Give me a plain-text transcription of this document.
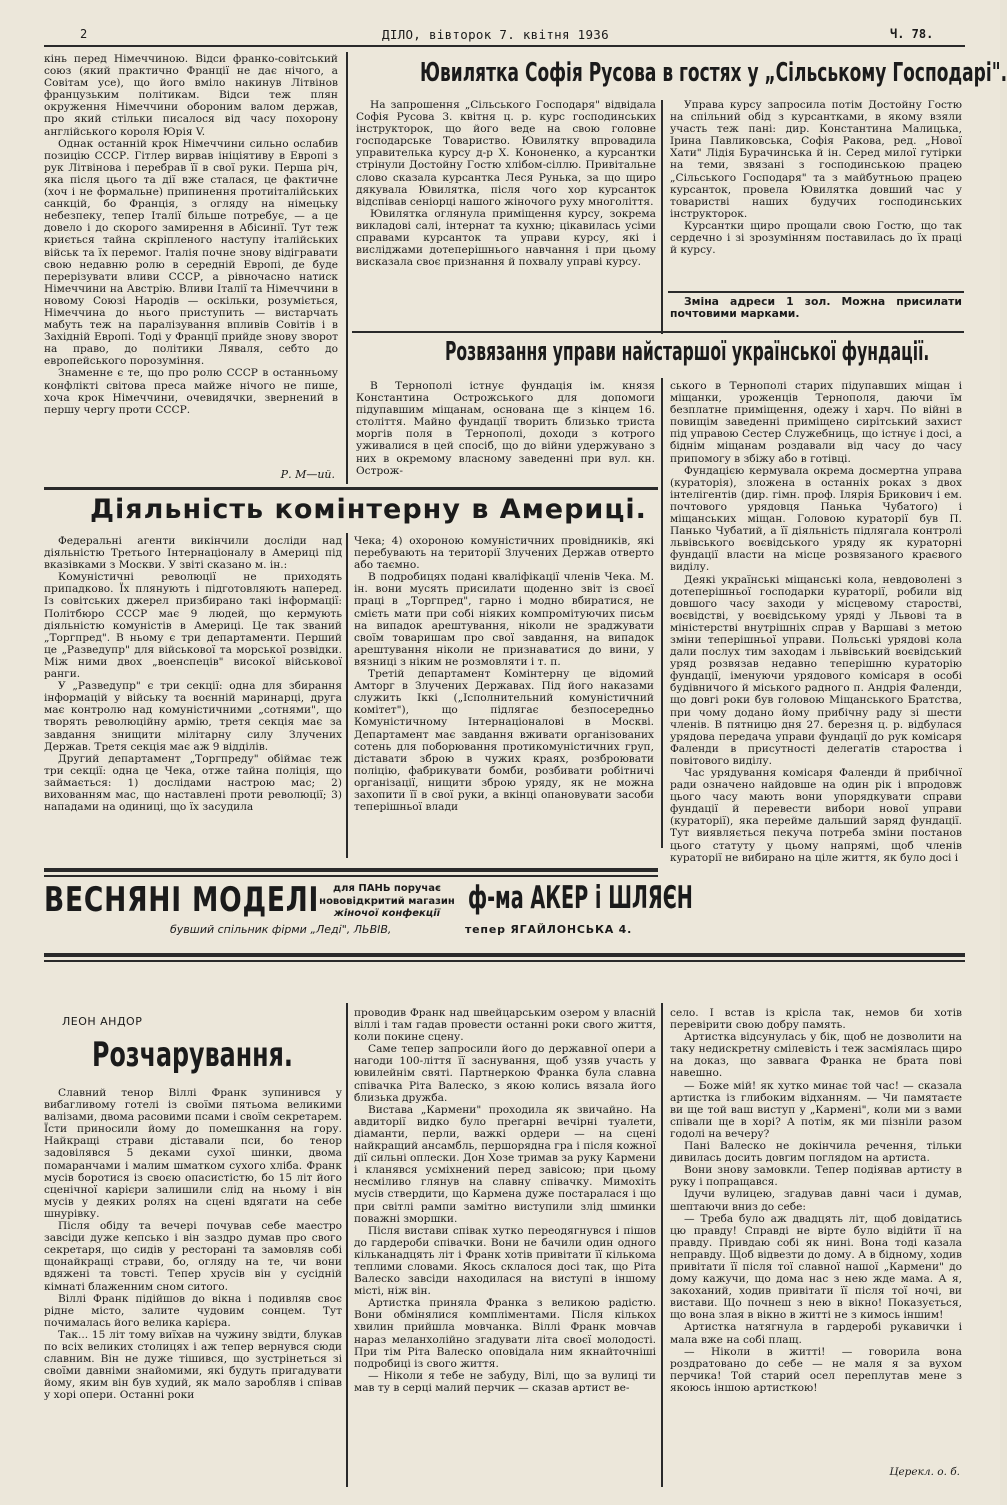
2	ДІЛО, вівторок 7. квітня 1936	Ч. 78.

кінь перед Німеччиною. Відси франко-совітський союз (який практично Франції не дає нічого, а Совітам усе), що його вміло накинув Літвінов французьким політикам. Відси теж плян окруження Німеччини обороним валом держав, про який стільки писалося від часу похорону англійського короля Юрія V.

Однак останній крок Німеччини сильно ослабив позицію СССР. Гітлер вирвав ініціятиву в Европі з рук Літвінова і перебрав її в свої руки. Перша річ, яка після цього та дії вже сталася, це фактичне (хоч і не формальне) припинення протиіталійських санкцій, бо Франція, з огляду на німецьку небезпеку, тепер Італії більше потребує, — а це довело і до скорого замирення в Абісинії. Тут теж криється тайна скріпленого наступу італійських військ та їх перемог. Італія почне знову відігравати свою недавню ролю в середній Европі, де буде перерізувати вливи СССР, а рівночасно натиск Німеччини на Австрію. Вливи Італії та Німеччини в новому Союзі Народів — оскільки, розуміється, Німеччина до нього приступить — вистарчать мабуть теж на паралізування впливів Совітів і в Західній Европі. Тоді у Франції прийде знову зворот на право, до політики Ляваля, себто до европейського порозуміння.

Знаменне є те, що про ролю СССР в останньому конфлікті світова преса майже нічого не пише, хоча крок Німеччини, очевидячки, звернений в першу чергу проти СССР.

Р. М—ий.
Ювилятка Софія Русова в гостях у „Сільському Господарі".

На запрошення „Сільського Господаря" відвідала Софія Русова 3. квітня ц. р. курс господинських інструкторок, що його веде на свою головне господарське Товариство. Ювилятку впровадила управителька курсу д-р Х. Кононенко, а курсантки стрінули Достойну Гостю хлібом-сіллю. Привітальне слово сказала курсантка Леся Рунька, за що щиро дякувала Ювилятка, після чого хор курсанток відспівав сеніорці нашого жіночого руху многоліття.

Ювилятка оглянула приміщення курсу, зокрема викладові салі, інтернат та кухню; цікавилась усіми справами курсанток та управи курсу, які і висліджами дотеперішнього навчання і при цьому висказала своє признання й похвалу управі курсу.

Управа курсу запросила потім Достойну Гостю на спільний обід з курсантками, в якому взяли участь теж пані: дир. Константина Малицька, Ірина Павликовська, Софія Ракова, ред. „Нової Хати" Лідія Бурачинська й ін. Серед милої гутірки на теми, звязані з господинською працею „Сільського Господаря" та з майбутньою працею курсанток, провела Ювилятка довший час у товаристві наших будучих господинських інструкторок.

Курсантки щиро прощали свою Гостю, що так сердечно і зі зрозумінням поставилась до їх праці й курсу.

Зміна адреси 1 зол. Можна присилати почтовими марками.

Розвязання управи найстаршої української фундації.

В Тернополі істнує фундація ім. князя Константина Острожського для допомоги підупавшим міщанам, основана ще з кінцем 16. століття. Майно фундації творить близько триста моргів поля в Тернополі, доходи з котрого уживалися в цей спосіб, що до війни удержувано з них в окремому власному заведенні при вул. кн. Острож-

ського в Тернополі старих підупавших міщан і міщанки, уроженців Тернополя, даючи їм безплатне приміщення, одежу і харч. По війні в повищім заведенні приміщено сирітський захист під управою Сестер Служебниць, що істнує і досі, а біднім міщанам роздавали від часу до часу припомогу в збіжу або в готівці.

Фундацією кермувала окрема досмертна управа (кураторія), зложена в останніх роках з двох інтелігентів (дир. гімн. проф. Ілярія Брикович і ем. почтового урядовця Панька Чубатого) і міщанських міщан. Головою кураторії був П. Панько Чубатий, а її діяльність підлягала контролі львівського воєвідського уряду як кураторні фундації власти на місце розвязаного краєвого виділу.

Деякі українські міщанські кола, невдоволені з дотеперішньої господарки кураторії, робили від довшого часу заходи у місцевому старостві, воєвідстві, у воєвідському уряді у Львові та в міністерстві внутрішніх справ у Варшаві з метою зміни теперішньої управи. Польські урядові кола дали послух тим заходам і львівський воєвідський уряд розвязав недавно теперішню кураторію фундації, іменуючи урядового комісаря в особі будівничого й міського радного п. Андрія Фаленди, що довгі роки був головою Міщанського Братства, при чому додано йому прибічну раду зі шести членів. В пятницю дня 27. березня ц. р. відбулася урядова передача управи фундації до рук комісаря Фаленди в присутності делегатів староства і повітового виділу.

Час урядування комісаря Фаленди й прибічної ради означено найдовше на один рік і впродовж цього часу мають вони упорядкувати справи фундації й перевести вибори нової управи (кураторії), яка перейме дальший заряд фундації. Тут виявляється пекуча потреба зміни постанов цього статуту у цьому напрямі, щоб членів кураторії не вибирано на ціле життя, як було досі і

Діяльність комінтерну в Америці.

Федеральні агенти викінчили досліди над діяльністю Третього Інтернаціоналу в Америці під вказівками з Москви. У звіті сказано м. ін.:

Комуністичні революції не приходять припадково. Їх плянують і підготовляють наперед. Із совітських джерел призбирано такі інформації: Політбюро СССР має 9 людей, що кермують діяльністю комуністів в Америці. Це так званий „Торгпред". В ньому є три департаменти. Перший це „Разведупр" для військової та морської розвідки. Між ними двох „военспеців" високої військової ранги.

У „Разведупр" є три секції: одна для збирання інформацій у війську та воєнній маринарці, друга має контролю над комуністичними „сотнями", що творять революційну армію, третя секція має за завдання знищити мілітарну силу Злучених Держав. Третя секція має аж 9 відділів.

Другий департамент „Торгпреду" обіймає теж три секції: одна це Чека, отже тайна поліція, що займається: 1) дослідами настрою мас; 2) вихованням мас, що наставлені проти революції; 3) нападами на одиниці, що їх засудила

Чека; 4) охороною комуністичних провідників, які перебувають на території Злучених Держав отверто або таємно.

В подробицях подані кваліфікації членів Чека. М. ін. вони мусять присилати щоденно звіт із своєї праці в „Торгпред", гарно і модно вбиратися, не смієть мати при собі ніяких компромітуючих письм на випадок арештування, ніколи не зраджувати своїм товаришам про свої завдання, на випадок арештування ніколи не признаватися до вини, у вязниці з ніким не розмовляти і т. п.

Третій департамент Комінтерну це відомий Амторг в Злучених Державах. Під його наказами служить Іккі („Ісполнительний комуністичний комітет"), що підлягає безпосередньо Комуністичному Інтернаціоналові в Москві. Департамент має завдання вживати організованих сотень для поборювання протикомуністичних груп, діставати зброю в чужих краях, розброювати поліцію, фабрикувати бомби, розбивати робітничі організації, нищити зброю уряду, як не можна захопити її в свої руки, а вкінці опановувати засоби теперішньої влади

ВЕСНЯНІ МОДЕЛІ	для ПАНЬ поручає
нововідкритий магазин
жіночої конфекції ф-ма АКЕР і ШЛЯЄН
бувший спільник фірми „Леді", ЛЬВІВ,	тепер ЯГАЙЛОНСЬКА 4.
ЛЕОН АНДОР
Розчарування.

Славний тенор Віллі Франк зупинився у вибагливому готелі із своїми пятьома великими валізами, двома расовими псами і своїм секретарем. Їсти приносили йому до помешкання на гору. Найкращі страви діставали пси, бо тенор задовілявся 5 деками сухої шинки, двома помаранчами і малим шматком сухого хліба. Франк мусів боротися із своєю опасистістю, бо 15 літ його сценічної карієри залишили слід на ньому і він мусів у деяких ролях на сцені вдягати на себе шнурівку.

Після обіду та вечері почував себе маестро завсіди дуже кепсько і він заздро думав про свого секретаря, що сидів у ресторані та замовляв собі щонайкращі страви, бо, огляду на те, чи вони вдяжені та товсті. Тепер хрусів він у сусідній кімнаті блаженним сном ситого.

Віллі Франк підійшов до вікна і подивляв своє рідне місто, залите чудовим сонцем. Тут почималась його велика карієра.

Так... 15 літ тому виїхав на чужину звідти, блукав по вcіх великих столицях і аж тепер вернувся сюди славним. Він не дуже тішився, що зустрінеться зі своїми давніми знайомими, які будуть пригадувати йому, яким він був худий, як мало заробляв і співав у хорі опери. Останні роки

проводив Франк над швейцарським озером у власній віллі і там гадав провести останні роки свого життя, коли покине сцену.

Саме тепер запросили його до державної опери а нагоди 100-ліття її заснування, щоб узяв участь у ювилейнім святі. Партнеркою Франка була славна співачка Ріта Валеско, з якою колись вязала його близька дружба.

Вистава „Кармени" проходила як звичайно. На авдиторії видко було прегарні вечірні туалети, діаманти, перли, важкі ордери — на сцені найкращий ансамбль, першорядна гра і після кожної дії сильні оплески. Дон Хозе тримав за руку Кармени і кланявся усміхнений перед завісою; при цьому несміливо глянув на славну співачку. Мимохіть мусів ствердити, що Кармена дуже постаралася і що при світлі рампи замітно виступили злід шминки поважні зморшки.

Після вистави співак хутко переодягнувся і пішов до гардероби співачки. Вони не бачили один одного кільканадцять літ і Франк хотів привітати її кількома теплими словами. Якось склалося досі так, що Ріта Валеско завсіди находилася на виступі в іншому місті, ніж він.

Артистка приняла Франка з великою радістю. Вони обмінялися компліментами. Після кількох хвилин прийшла мовчанка. Віллі Франк мовчав нараз меланхолійно згадувати літа своєї молодості. При тім Ріта Валеско оповідала ним якнайточніші подробиці із свого життя.

— Ніколи я тебе не забуду, Вілі, що за вулиці ти мав ту в серці малий перчик — сказав артист ве-

село. І встав із крісла так, немов би хотів перевірити свою добру память.

Артистка відсунулась у бік, щоб не дозволити на таку недискретну смілевість і теж засміялась щиро на доказ, що заввага Франка не брата пові навешно.

— Боже мій! як хутко минає той час! — сказала артистка із глибоким відханням. — Чи памятаєте ви ще той ваш виступ у „Кармені", коли ми з вами співали ще в хорі? А потім, як ми пізніли разом годолі на вечеру?

Пані Валеско не докінчила речення, тільки дивилась досить довгим поглядом на артиста.

Вони знову замовкли. Тепер подіявав артисту в руку і попращався.

Ідучи вулицею, згадував давні часи і думав, шептаючи вниз до себе:

— Треба було аж двадцять літ, щоб довідатись цю правду! Справді не вірте було відійти її на правду. Привдаю собі як нині. Вона тоді казала неправду. Щоб відвезти до дому. А в бідному, ходив привітати її після тої славної нашої „Кармени" до дому кажучи, що дома нас з нею жде мама. А я, закоханий, ходив привітати її після тої ночі, ви вистави. Що почнеш з нею в вікно! Показується, що вона злая в вікно в житті не з кимось іншим!

Артистка натягнула в гардеробі рукавички і мала вже на собі плащ.

— Ніколи в житті! — говорила вона роздратовано до себе — не маля я за вухом перчика! Той старий осел переплутав мене з якоюсь іншою артисткою!

Церекл. о. б.
